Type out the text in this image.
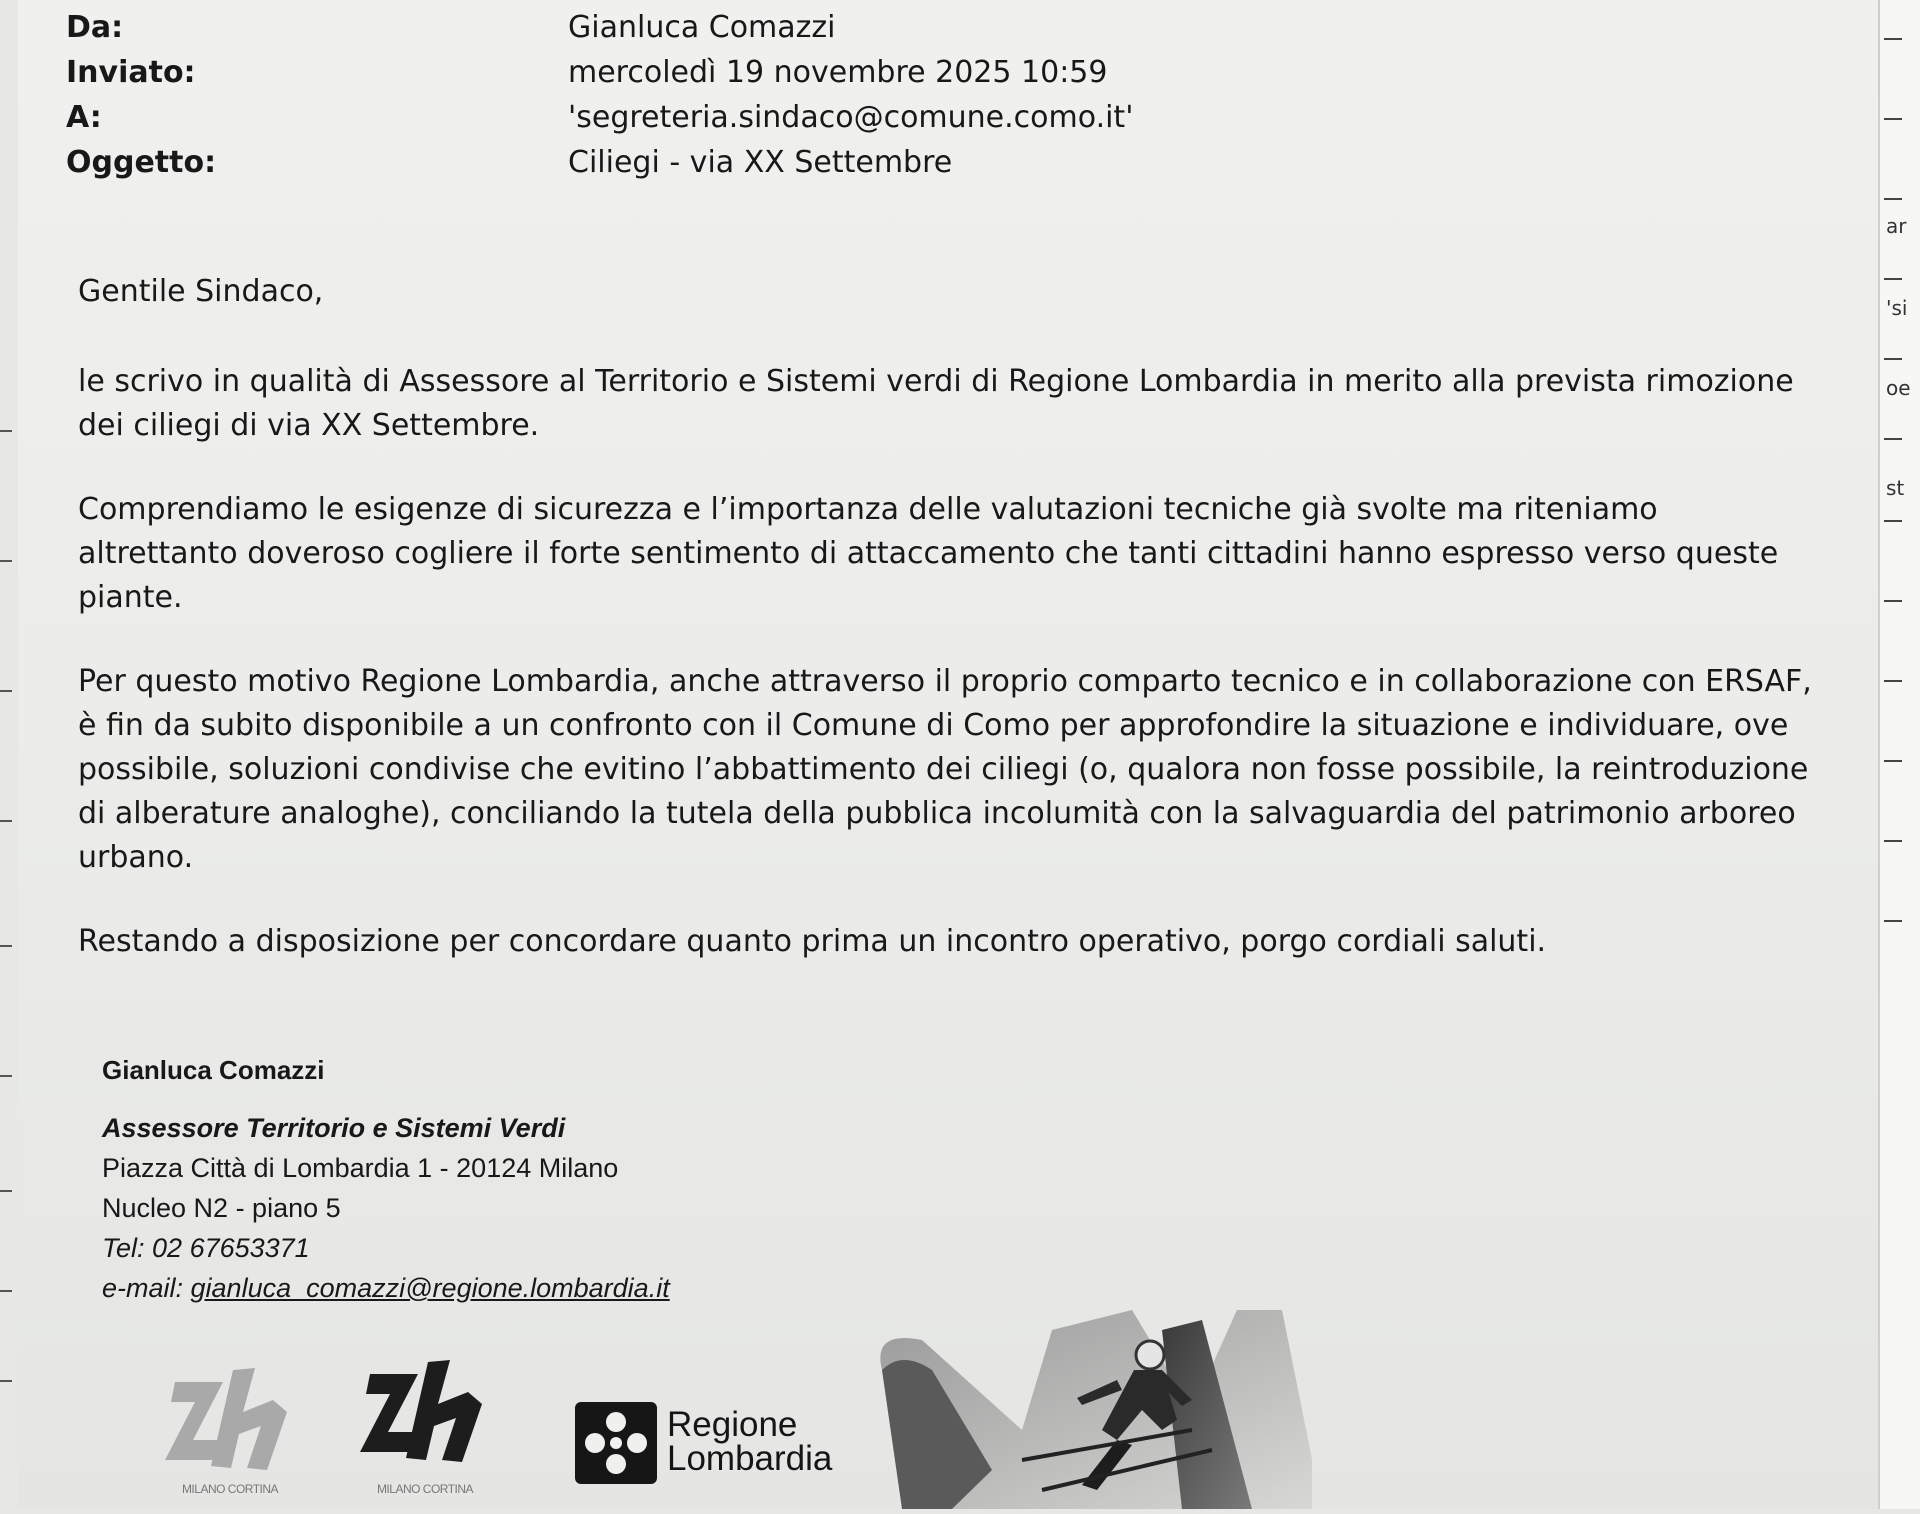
ar
'si
oe
st
Da:	Gianluca Comazzi
Inviato:	mercoledì 19 novembre 2025 10:59
A:	'segreteria.sindaco@comune.como.it'
Oggetto:	Ciliegi - via XX Settembre

Gentile Sindaco,

le scrivo in qualità di Assessore al Territorio e Sistemi verdi di Regione Lombardia in merito alla prevista rimozione dei ciliegi di via XX Settembre.

Comprendiamo le esigenze di sicurezza e l’importanza delle valutazioni tecniche già svolte ma riteniamo altrettanto doveroso cogliere il forte sentimento di attaccamento che tanti cittadini hanno espresso verso queste piante.

Per questo motivo Regione Lombardia, anche attraverso il proprio comparto tecnico e in collaborazione con ERSAF, è fin da subito disponibile a un confronto con il Comune di Como per approfondire la situazione e individuare, ove possibile, soluzioni condivise che evitino l’abbattimento dei ciliegi (o, qualora non fosse possibile, la reintroduzione di alberature analoghe), conciliando la tutela della pubblica incolumità con la salvaguardia del patrimonio arboreo urbano.

Restando a disposizione per concordare quanto prima un incontro operativo, porgo cordiali saluti.

Gianluca Comazzi
Assessore Territorio e Sistemi Verdi
Piazza Città di Lombardia 1 - 20124 Milano
Nucleo N2 - piano 5
Tel: 02 67653371
e-mail: gianluca_comazzi@regione.lombardia.it
MILANO CORTINA	MILANO CORTINA
Regione
Lombardia
